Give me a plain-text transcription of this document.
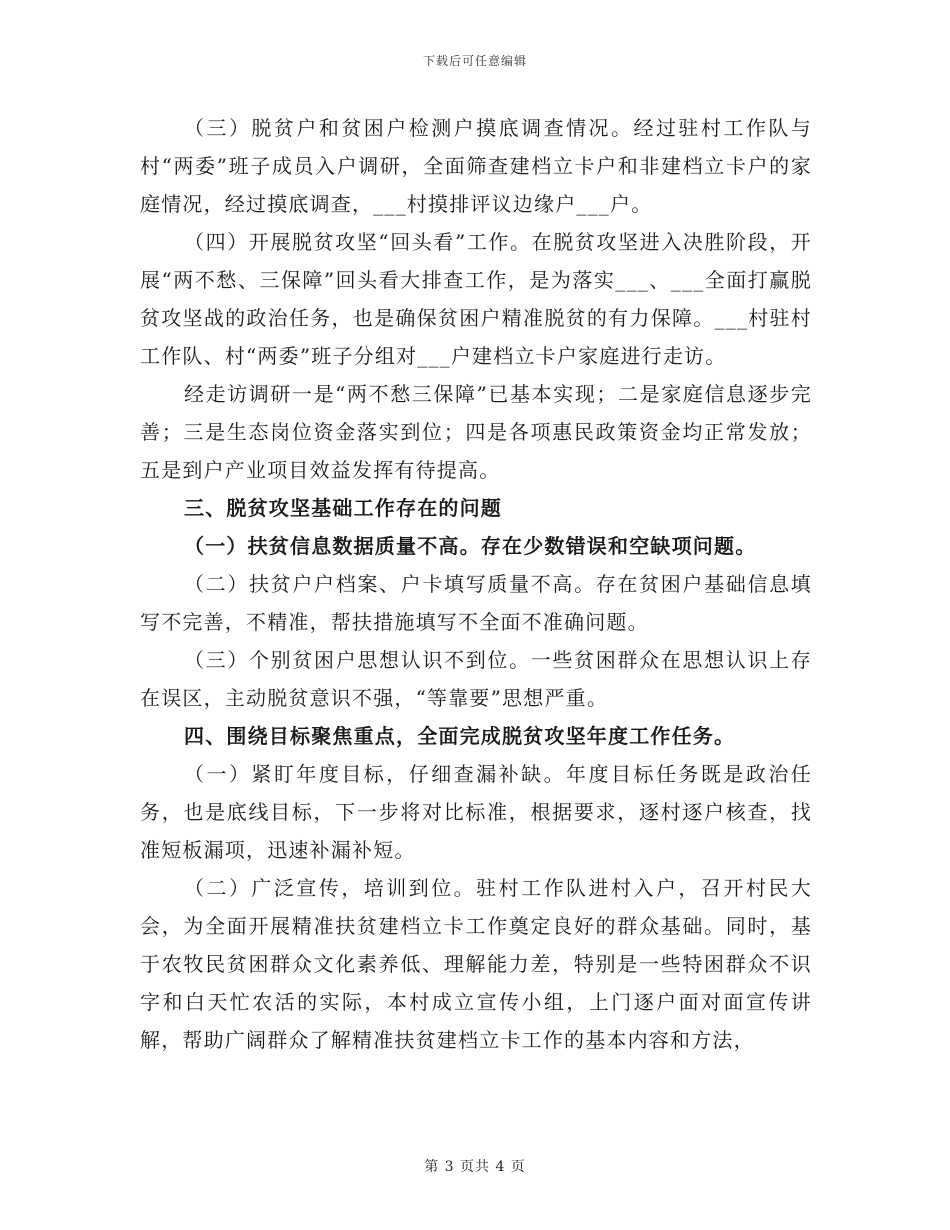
下载后可任意编辑

（三）脱贫户和贫困户检测户摸底调查情况。经过驻村工作队与村“两委”班子成员入户调研，全面筛查建档立卡户和非建档立卡户的家庭情况，经过摸底调查，___村摸排评议边缘户___户。

（四）开展脱贫攻坚“回头看”工作。在脱贫攻坚进入决胜阶段，开展“两不愁、三保障”回头看大排查工作，是为落实___、___全面打赢脱贫攻坚战的政治任务，也是确保贫困户精准脱贫的有力保障。___村驻村工作队、村“两委”班子分组对___户建档立卡户家庭进行走访。

经走访调研一是“两不愁三保障”已基本实现；二是家庭信息逐步完善；三是生态岗位资金落实到位；四是各项惠民政策资金均正常发放；五是到户产业项目效益发挥有待提高。

三、脱贫攻坚基础工作存在的问题

（一）扶贫信息数据质量不高。存在少数错误和空缺项问题。

（二）扶贫户户档案、户卡填写质量不高。存在贫困户基础信息填写不完善，不精准，帮扶措施填写不全面不准确问题。

（三）个别贫困户思想认识不到位。一些贫困群众在思想认识上存在误区，主动脱贫意识不强，“等靠要”思想严重。

四、围绕目标聚焦重点，全面完成脱贫攻坚年度工作任务。

（一）紧盯年度目标，仔细查漏补缺。年度目标任务既是政治任务，也是底线目标，下一步将对比标准，根据要求，逐村逐户核查，找准短板漏项，迅速补漏补短。

（二）广泛宣传，培训到位。驻村工作队进村入户，召开村民大会，为全面开展精准扶贫建档立卡工作奠定良好的群众基础。同时，基于农牧民贫困群众文化素养低、理解能力差，特别是一些特困群众不识字和白天忙农活的实际，本村成立宣传小组，上门逐户面对面宣传讲解，帮助广阔群众了解精准扶贫建档立卡工作的基本内容和方法，

第 3 页共 4 页
